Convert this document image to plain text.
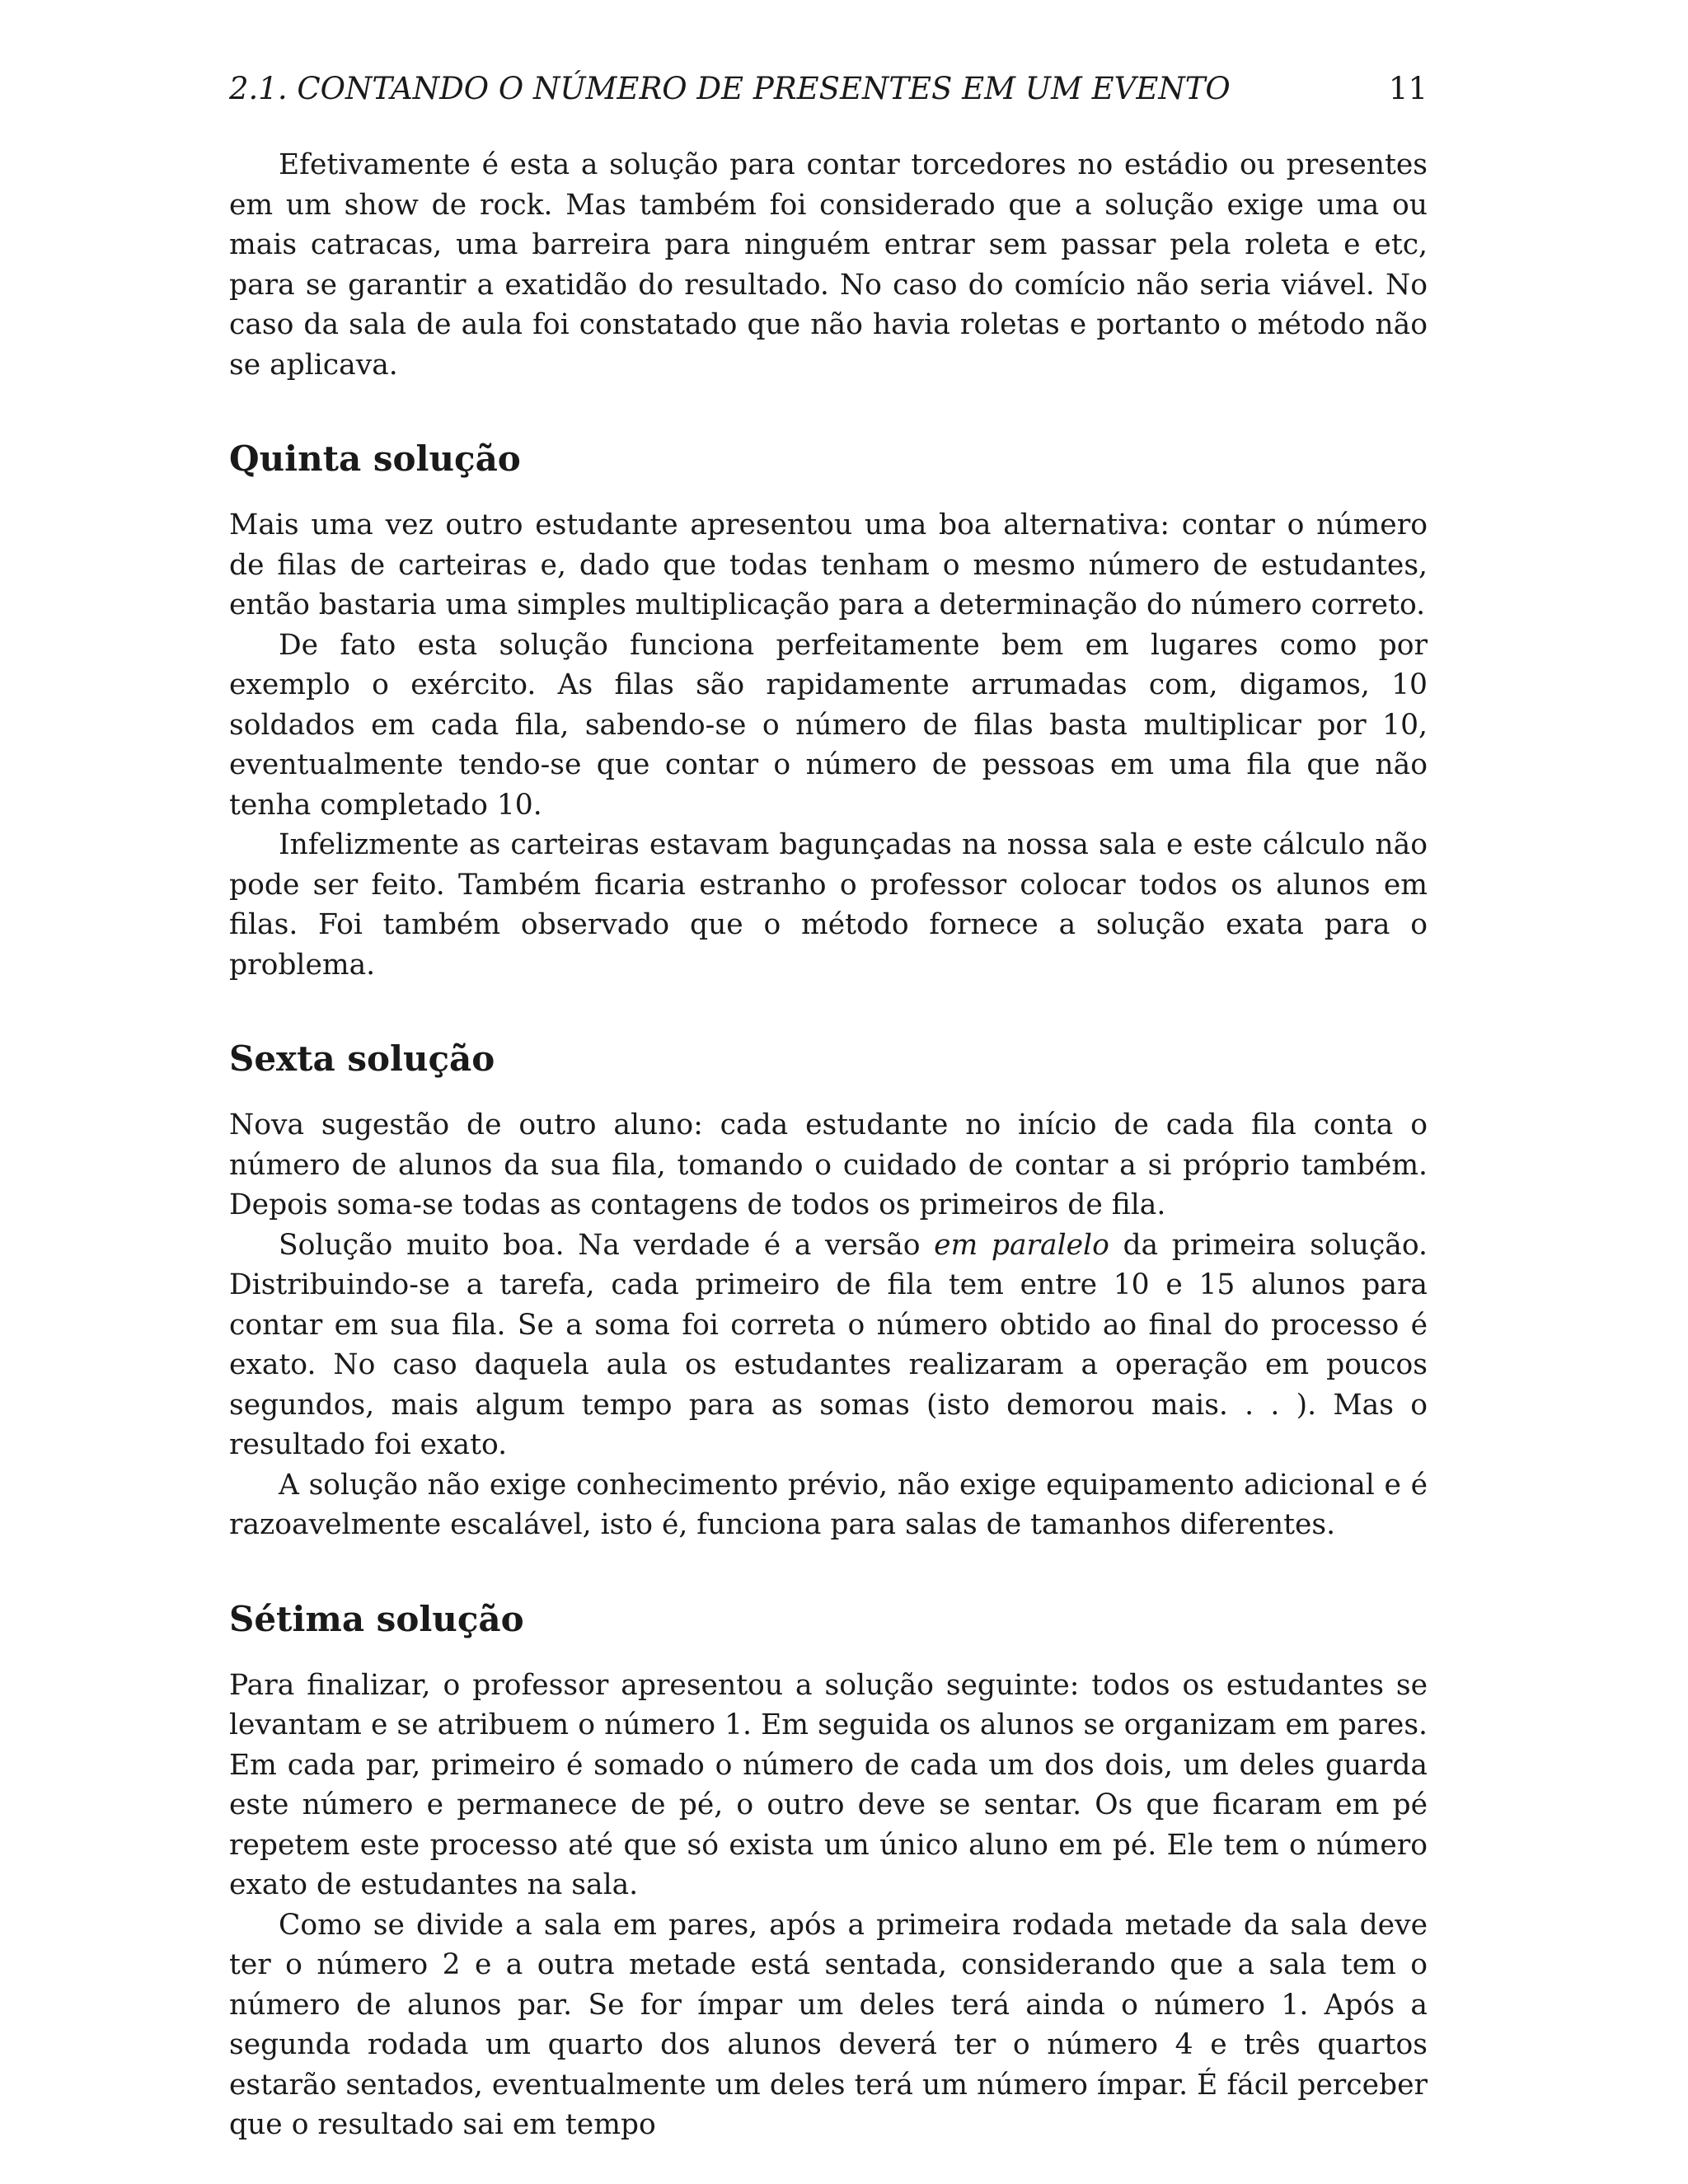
2.1. CONTANDO O NÚMERO DE PRESENTES EM UM EVENTO	11

Efetivamente é esta a solução para contar torcedores no estádio ou presentes em um show de rock. Mas também foi considerado que a solução exige uma ou mais catracas, uma barreira para ninguém entrar sem passar pela roleta e etc, para se garantir a exatidão do resultado. No caso do comício não seria viável. No caso da sala de aula foi constatado que não havia roletas e portanto o método não se aplicava.

Quinta solução

Mais uma vez outro estudante apresentou uma boa alternativa: contar o número de filas de carteiras e, dado que todas tenham o mesmo número de estudantes, então bastaria uma simples multiplicação para a determinação do número correto.

De fato esta solução funciona perfeitamente bem em lugares como por exemplo o exército. As filas são rapidamente arrumadas com, digamos, 10 soldados em cada fila, sabendo-se o número de filas basta multiplicar por 10, eventualmente tendo-se que contar o número de pessoas em uma fila que não tenha completado 10.

Infelizmente as carteiras estavam bagunçadas na nossa sala e este cálculo não pode ser feito. Também ficaria estranho o professor colocar todos os alunos em filas. Foi também observado que o método fornece a solução exata para o problema.

Sexta solução

Nova sugestão de outro aluno: cada estudante no início de cada fila conta o número de alunos da sua fila, tomando o cuidado de contar a si próprio também. Depois soma-se todas as contagens de todos os primeiros de fila.

Solução muito boa. Na verdade é a versão em paralelo da primeira solução. Distribuindo-se a tarefa, cada primeiro de fila tem entre 10 e 15 alunos para contar em sua fila. Se a soma foi correta o número obtido ao final do processo é exato. No caso daquela aula os estudantes realizaram a operação em poucos segundos, mais algum tempo para as somas (isto demorou mais. . . ). Mas o resultado foi exato.

A solução não exige conhecimento prévio, não exige equipamento adicional e é razoavelmente escalável, isto é, funciona para salas de tamanhos diferentes.

Sétima solução

Para finalizar, o professor apresentou a solução seguinte: todos os estudantes se levantam e se atribuem o número 1. Em seguida os alunos se organizam em pares. Em cada par, primeiro é somado o número de cada um dos dois, um deles guarda este número e permanece de pé, o outro deve se sentar. Os que ficaram em pé repetem este processo até que só exista um único aluno em pé. Ele tem o número exato de estudantes na sala.

Como se divide a sala em pares, após a primeira rodada metade da sala deve ter o número 2 e a outra metade está sentada, considerando que a sala tem o número de alunos par. Se for ímpar um deles terá ainda o número 1. Após a segunda rodada um quarto dos alunos deverá ter o número 4 e três quartos estarão sentados, eventualmente um deles terá um número ímpar. É fácil perceber que o resultado sai em tempo
